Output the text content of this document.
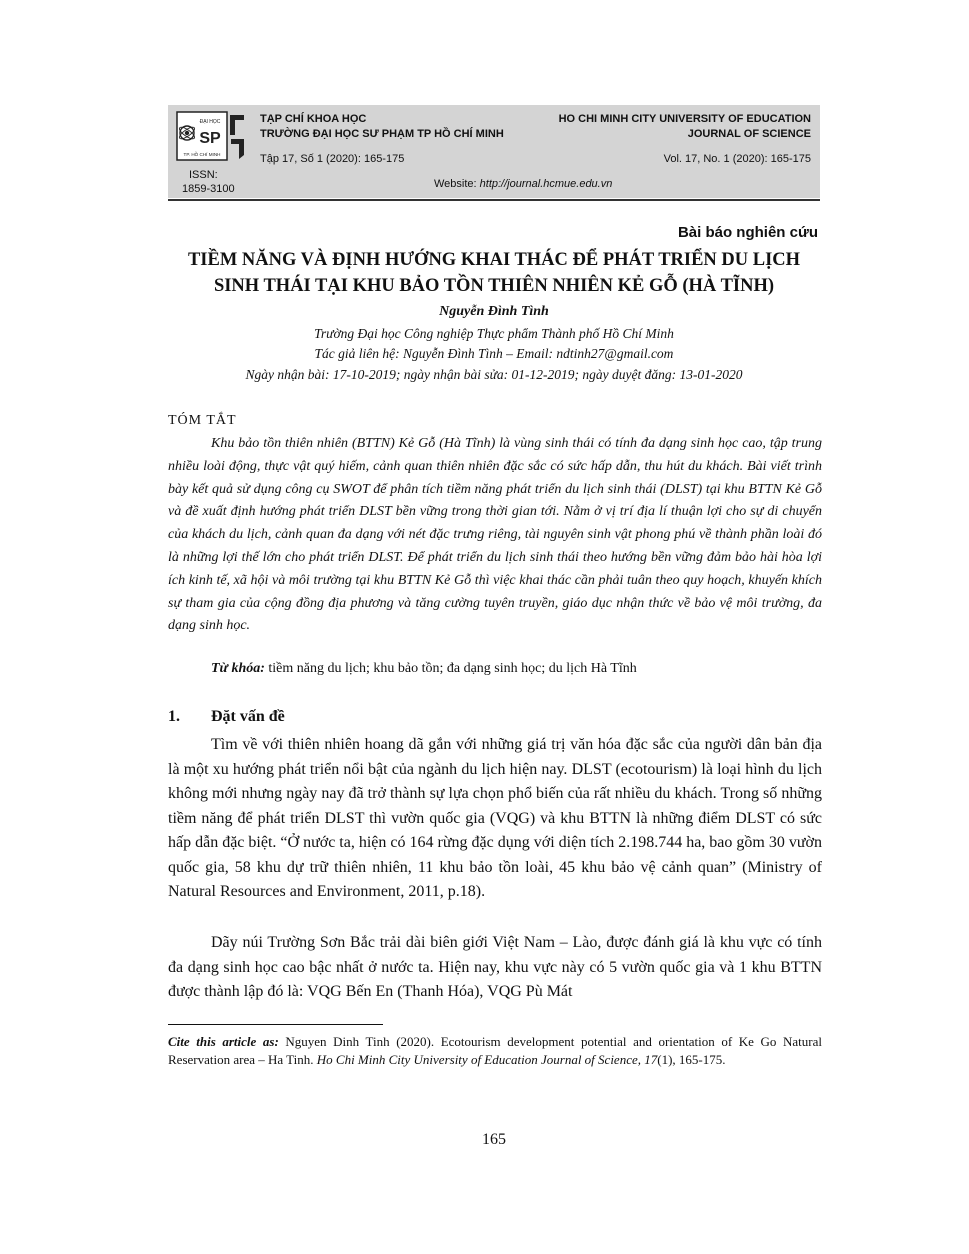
ĐẠI HỌC
SP
TP. HỒ CHÍ MINH
TẠP CHÍ KHOA HỌC
TRƯỜNG ĐẠI HỌC SƯ PHẠM TP HỒ CHÍ MINH
HO CHI MINH CITY UNIVERSITY OF EDUCATION
JOURNAL OF SCIENCE
Tập 17, Số 1 (2020): 165-175	Vol. 17, No. 1 (2020): 165-175
ISSN:
1859-3100	Website: http://journal.hcmue.edu.vn
Bài báo nghiên cứu
TIỀM NĂNG VÀ ĐỊNH HƯỚNG KHAI THÁC ĐỂ PHÁT TRIỂN DU LỊCH
SINH THÁI TẠI KHU BẢO TỒN THIÊN NHIÊN KẺ GỖ (HÀ TĨNH)
Nguyễn Đình Tình
Trường Đại học Công nghiệp Thực phẩm Thành phố Hồ Chí Minh
Tác giả liên hệ: Nguyễn Đình Tình – Email: ndtinh27@gmail.com
Ngày nhận bài: 17-10-2019; ngày nhận bài sửa: 01-12-2019; ngày duyệt đăng: 13-01-2020
TÓM TẮT

Khu bảo tồn thiên nhiên (BTTN) Kẻ Gỗ (Hà Tĩnh) là vùng sinh thái có tính đa dạng sinh học cao, tập trung nhiều loài động, thực vật quý hiếm, cảnh quan thiên nhiên đặc sắc có sức hấp dẫn, thu hút du khách. Bài viết trình bày kết quả sử dụng công cụ SWOT để phân tích tiềm năng phát triển du lịch sinh thái (DLST) tại khu BTTN Kẻ Gỗ và đề xuất định hướng phát triển DLST bền vững trong thời gian tới. Nằm ở vị trí địa lí thuận lợi cho sự di chuyển của khách du lịch, cảnh quan đa dạng với nét đặc trưng riêng, tài nguyên sinh vật phong phú về thành phần loài đó là những lợi thế lớn cho phát triển DLST. Để phát triển du lịch sinh thái theo hướng bền vững đảm bảo hài hòa lợi ích kinh tế, xã hội và môi trường tại khu BTTN Kẻ Gỗ thì việc khai thác cần phải tuân theo quy hoạch, khuyến khích sự tham gia của cộng đồng địa phương và tăng cường tuyên truyền, giáo dục nhận thức về bảo vệ môi trường, đa dạng sinh học.

Từ khóa: tiềm năng du lịch; khu bảo tồn; đa dạng sinh học; du lịch Hà Tĩnh
1. Đặt vấn đề

Tìm về với thiên nhiên hoang dã gắn với những giá trị văn hóa đặc sắc của người dân bản địa là một xu hướng phát triển nổi bật của ngành du lịch hiện nay. DLST (ecotourism) là loại hình du lịch không mới nhưng ngày nay đã trở thành sự lựa chọn phổ biến của rất nhiều du khách. Trong số những tiềm năng để phát triển DLST thì vườn quốc gia (VQG) và khu BTTN là những điểm DLST có sức hấp dẫn đặc biệt. “Ở nước ta, hiện có 164 rừng đặc dụng với diện tích 2.198.744 ha, bao gồm 30 vườn quốc gia, 58 khu dự trữ thiên nhiên, 11 khu bảo tồn loài, 45 khu bảo vệ cảnh quan” (Ministry of Natural Resources and Environment, 2011, p.18).

Dãy núi Trường Sơn Bắc trải dài biên giới Việt Nam – Lào, được đánh giá là khu vực có tính đa dạng sinh học cao bậc nhất ở nước ta. Hiện nay, khu vực này có 5 vườn quốc gia và 1 khu BTTN được thành lập đó là: VQG Bến En (Thanh Hóa), VQG Pù Mát

Cite this article as: Nguyen Dinh Tinh (2020). Ecotourism development potential and orientation of Ke Go Natural Reservation area – Ha Tinh. Ho Chi Minh City University of Education Journal of Science, 17(1), 165-175.

165
